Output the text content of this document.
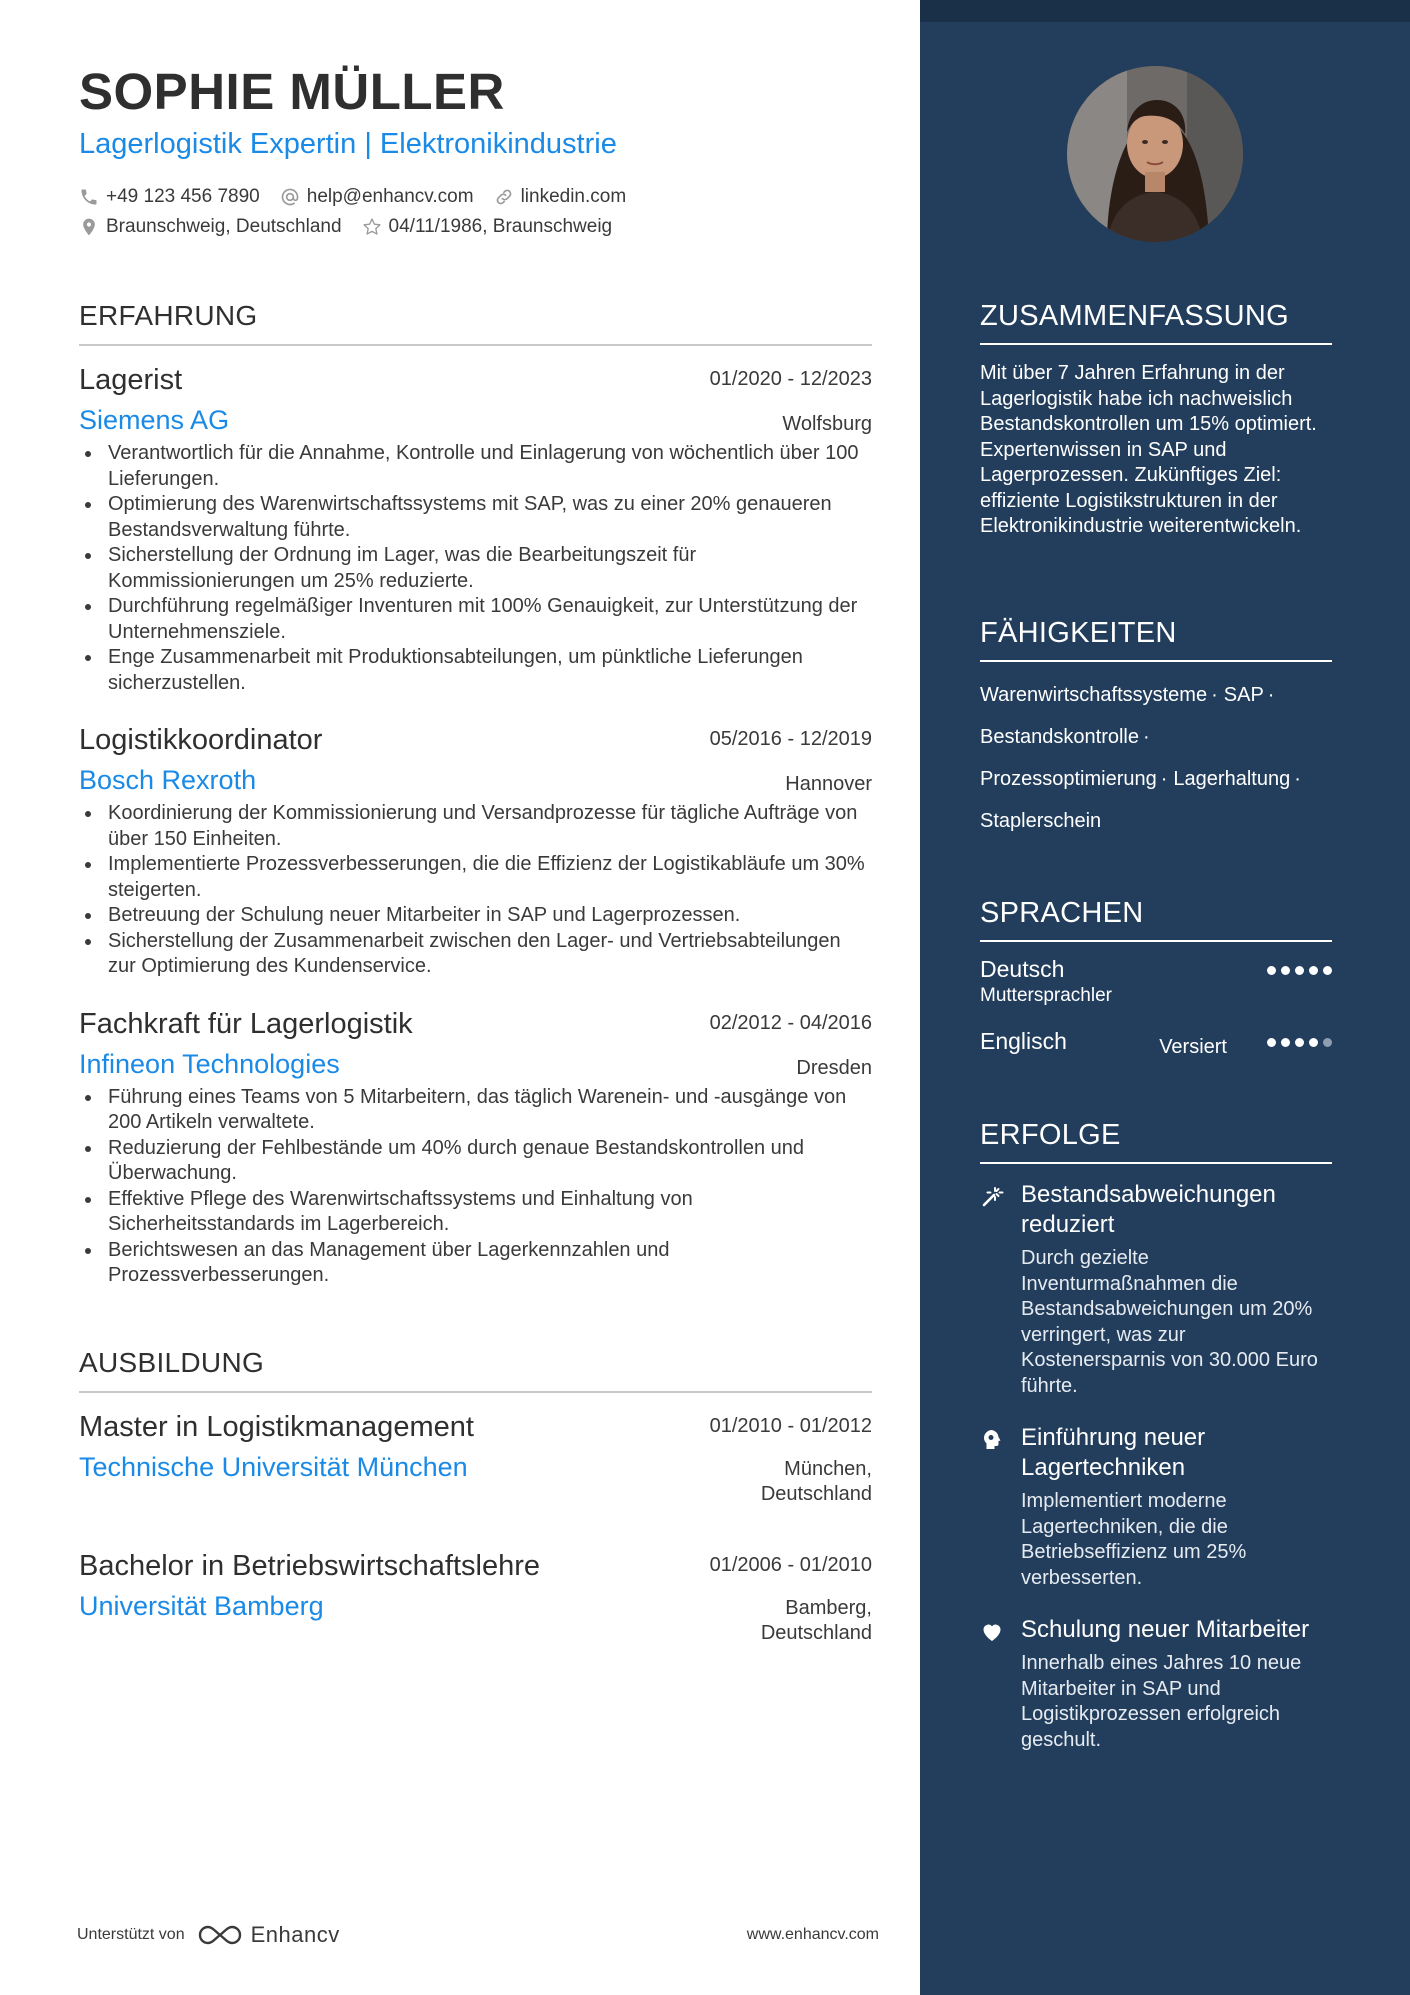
SOPHIE MÜLLER
Lagerlogistik Expertin | Elektronikindustrie
+49 123 456 7890 help@enhancv.com linkedin.com
Braunschweig, Deutschland 04/11/1986, Braunschweig
ERFAHRUNG
Lagerist	01/2020 - 12/2023
Siemens AG	Wolfsburg
Verantwortlich für die Annahme, Kontrolle und Einlagerung von wöchentlich über 100 Lieferungen.
Optimierung des Warenwirtschaftssystems mit SAP, was zu einer 20% genaueren Bestandsverwaltung führte.
Sicherstellung der Ordnung im Lager, was die Bearbeitungszeit für Kommissionierungen um 25% reduzierte.
Durchführung regelmäßiger Inventuren mit 100% Genauigkeit, zur Unterstützung der Unternehmensziele.
Enge Zusammenarbeit mit Produktionsabteilungen, um pünktliche Lieferungen sicherzustellen.
Logistikkoordinator	05/2016 - 12/2019
Bosch Rexroth	Hannover
Koordinierung der Kommissionierung und Versandprozesse für tägliche Aufträge von über 150 Einheiten.
Implementierte Prozessverbesserungen, die die Effizienz der Logistikabläufe um 30% steigerten.
Betreuung der Schulung neuer Mitarbeiter in SAP und Lagerprozessen.
Sicherstellung der Zusammenarbeit zwischen den Lager- und Vertriebsabteilungen zur Optimierung des Kundenservice.
Fachkraft für Lagerlogistik	02/2012 - 04/2016
Infineon Technologies	Dresden
Führung eines Teams von 5 Mitarbeitern, das täglich Warenein- und -ausgänge von 200 Artikeln verwaltete.
Reduzierung der Fehlbestände um 40% durch genaue Bestandskontrollen und Überwachung.
Effektive Pflege des Warenwirtschaftssystems und Einhaltung von Sicherheitsstandards im Lagerbereich.
Berichtswesen an das Management über Lagerkennzahlen und Prozessverbesserungen.
AUSBILDUNG
Master in Logistikmanagement	01/2010 - 01/2012
Technische Universität München	München,
Deutschland
Bachelor in Betriebswirtschaftslehre	01/2006 - 01/2010
Universität Bamberg	Bamberg,
Deutschland
Unterstützt von	Enhancv	www.enhancv.com
ZUSAMMENFASSUNG
Mit über 7 Jahren Erfahrung in der Lagerlogistik habe ich nachweislich Bestandskontrollen um 15% optimiert. Expertenwissen in SAP und Lagerprozessen. Zukünftiges Ziel: effiziente Logistikstrukturen in der Elektronikindustrie weiterentwickeln.
FÄHIGKEITEN
Warenwirtschaftssysteme · SAP ·
Bestandskontrolle ·
Prozessoptimierung · Lagerhaltung ·
Staplerschein
SPRACHEN
Deutsch
Muttersprachler
Englisch	Versiert
ERFOLGE
Bestandsabweichungen reduziert
Durch gezielte Inventurmaßnahmen die Bestandsabweichungen um 20% verringert, was zur Kostenersparnis von 30.000 Euro führte.
Einführung neuer Lagertechniken
Implementiert moderne Lagertechniken, die die Betriebseffizienz um 25% verbesserten.
Schulung neuer Mitarbeiter
Innerhalb eines Jahres 10 neue Mitarbeiter in SAP und Logistikprozessen erfolgreich geschult.
